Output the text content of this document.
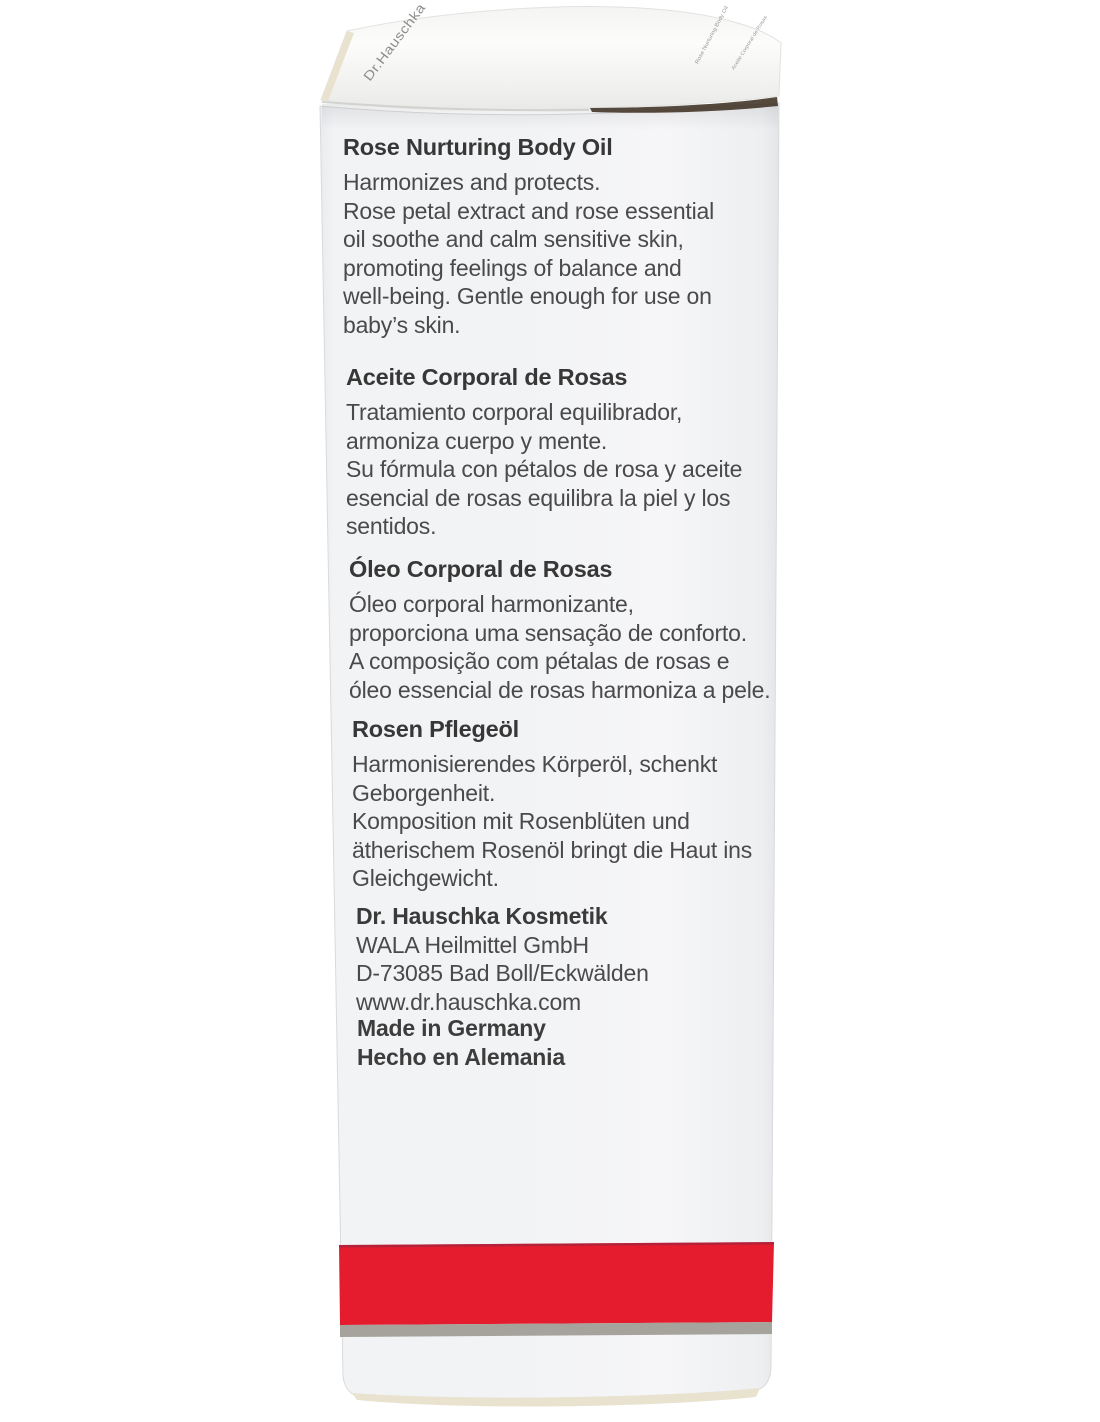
Dr.Hauschka	Rose Nurturing Body Oil Aceite Corporal de Rosas
Rose Nurturing Body Oil
Harmonizes and protects.
Rose petal extract and rose essential
oil soothe and calm sensitive skin,
promoting feelings of balance and
well-being. Gentle enough for use on
baby’s skin.
Aceite Corporal de Rosas
Tratamiento corporal equilibrador,
armoniza cuerpo y mente.
Su fórmula con pétalos de rosa y aceite
esencial de rosas equilibra la piel y los
sentidos.
Óleo Corporal de Rosas
Óleo corporal harmonizante,
proporciona uma sensação de conforto.
A composição com pétalas de rosas e
óleo essencial de rosas harmoniza a pele.
Rosen Pflegeöl
Harmonisierendes Körperöl, schenkt
Geborgenheit.
Komposition mit Rosenblüten und
ätherischem Rosenöl bringt die Haut ins
Gleichgewicht.
Dr. Hauschka Kosmetik
WALA Heilmittel GmbH
D-73085 Bad Boll/Eckwälden
www.dr.hauschka.com
Made in Germany
Hecho en Alemania
